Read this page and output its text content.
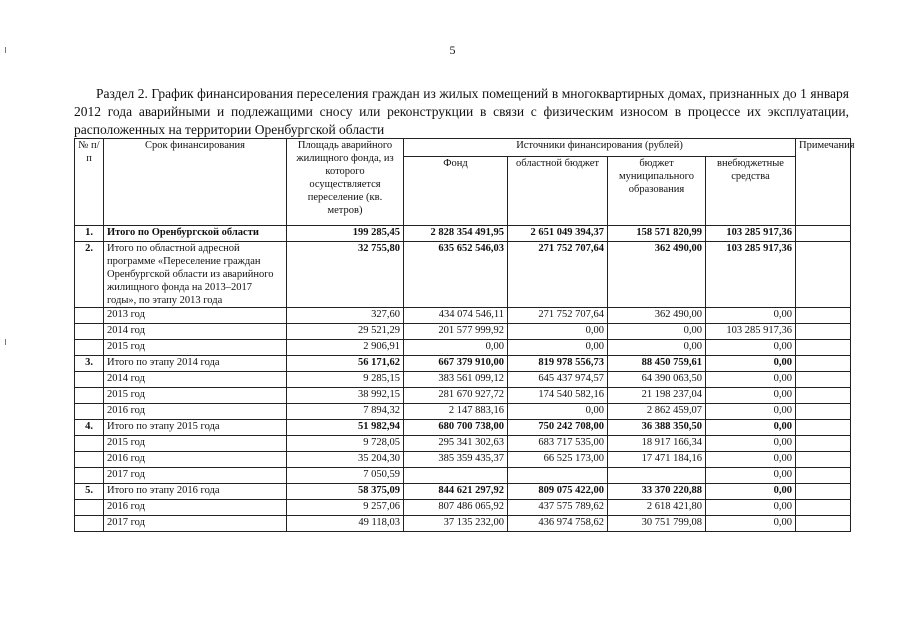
5

Раздел 2. График финансирования переселения граждан из жилых помещений в многоквартирных домах, признанных до 1 января 2012 года аварийными и подлежащими сносу или реконструкции в связи с физическим износом в процессе их эксплуатации, расположенных на территории Оренбургской области

№ п/п	Срок финансирования	Площадь аварийного жилищного фонда, из которого осуществляется переселение (кв. метров)	Источники финансирования (рублей)				Примечания
			Фонд	областной бюджет	бюджет муниципального образования	внебюджетные средства	
1.	Итого по Оренбургской области	199 285,45	2 828 354 491,95	2 651 049 394,37	158 571 820,99	103 285 917,36	
2.	Итого по областной адресной программе «Переселение граждан Оренбургской области из аварийного жилищного фонда на 2013–2017 годы», по этапу 2013 года	32 755,80	635 652 546,03	271 752 707,64	362 490,00	103 285 917,36	
	2013 год	327,60	434 074 546,11	271 752 707,64	362 490,00	0,00	
	2014 год	29 521,29	201 577 999,92	0,00	0,00	103 285 917,36	
	2015 год	2 906,91	0,00	0,00	0,00	0,00	
3.	Итого по этапу 2014 года	56 171,62	667 379 910,00	819 978 556,73	88 450 759,61	0,00	
	2014 год	9 285,15	383 561 099,12	645 437 974,57	64 390 063,50	0,00	
	2015 год	38 992,15	281 670 927,72	174 540 582,16	21 198 237,04	0,00	
	2016 год	7 894,32	2 147 883,16	0,00	2 862 459,07	0,00	
4.	Итого по этапу 2015 года	51 982,94	680 700 738,00	750 242 708,00	36 388 350,50	0,00	
	2015 год	9 728,05	295 341 302,63	683 717 535,00	18 917 166,34	0,00	
	2016 год	35 204,30	385 359 435,37	66 525 173,00	17 471 184,16	0,00	
	2017 год	7 050,59				0,00	
5.	Итого по этапу 2016 года	58 375,09	844 621 297,92	809 075 422,00	33 370 220,88	0,00	
	2016 год	9 257,06	807 486 065,92	437 575 789,62	2 618 421,80	0,00	
	2017 год	49 118,03	37 135 232,00	436 974 758,62	30 751 799,08	0,00	
